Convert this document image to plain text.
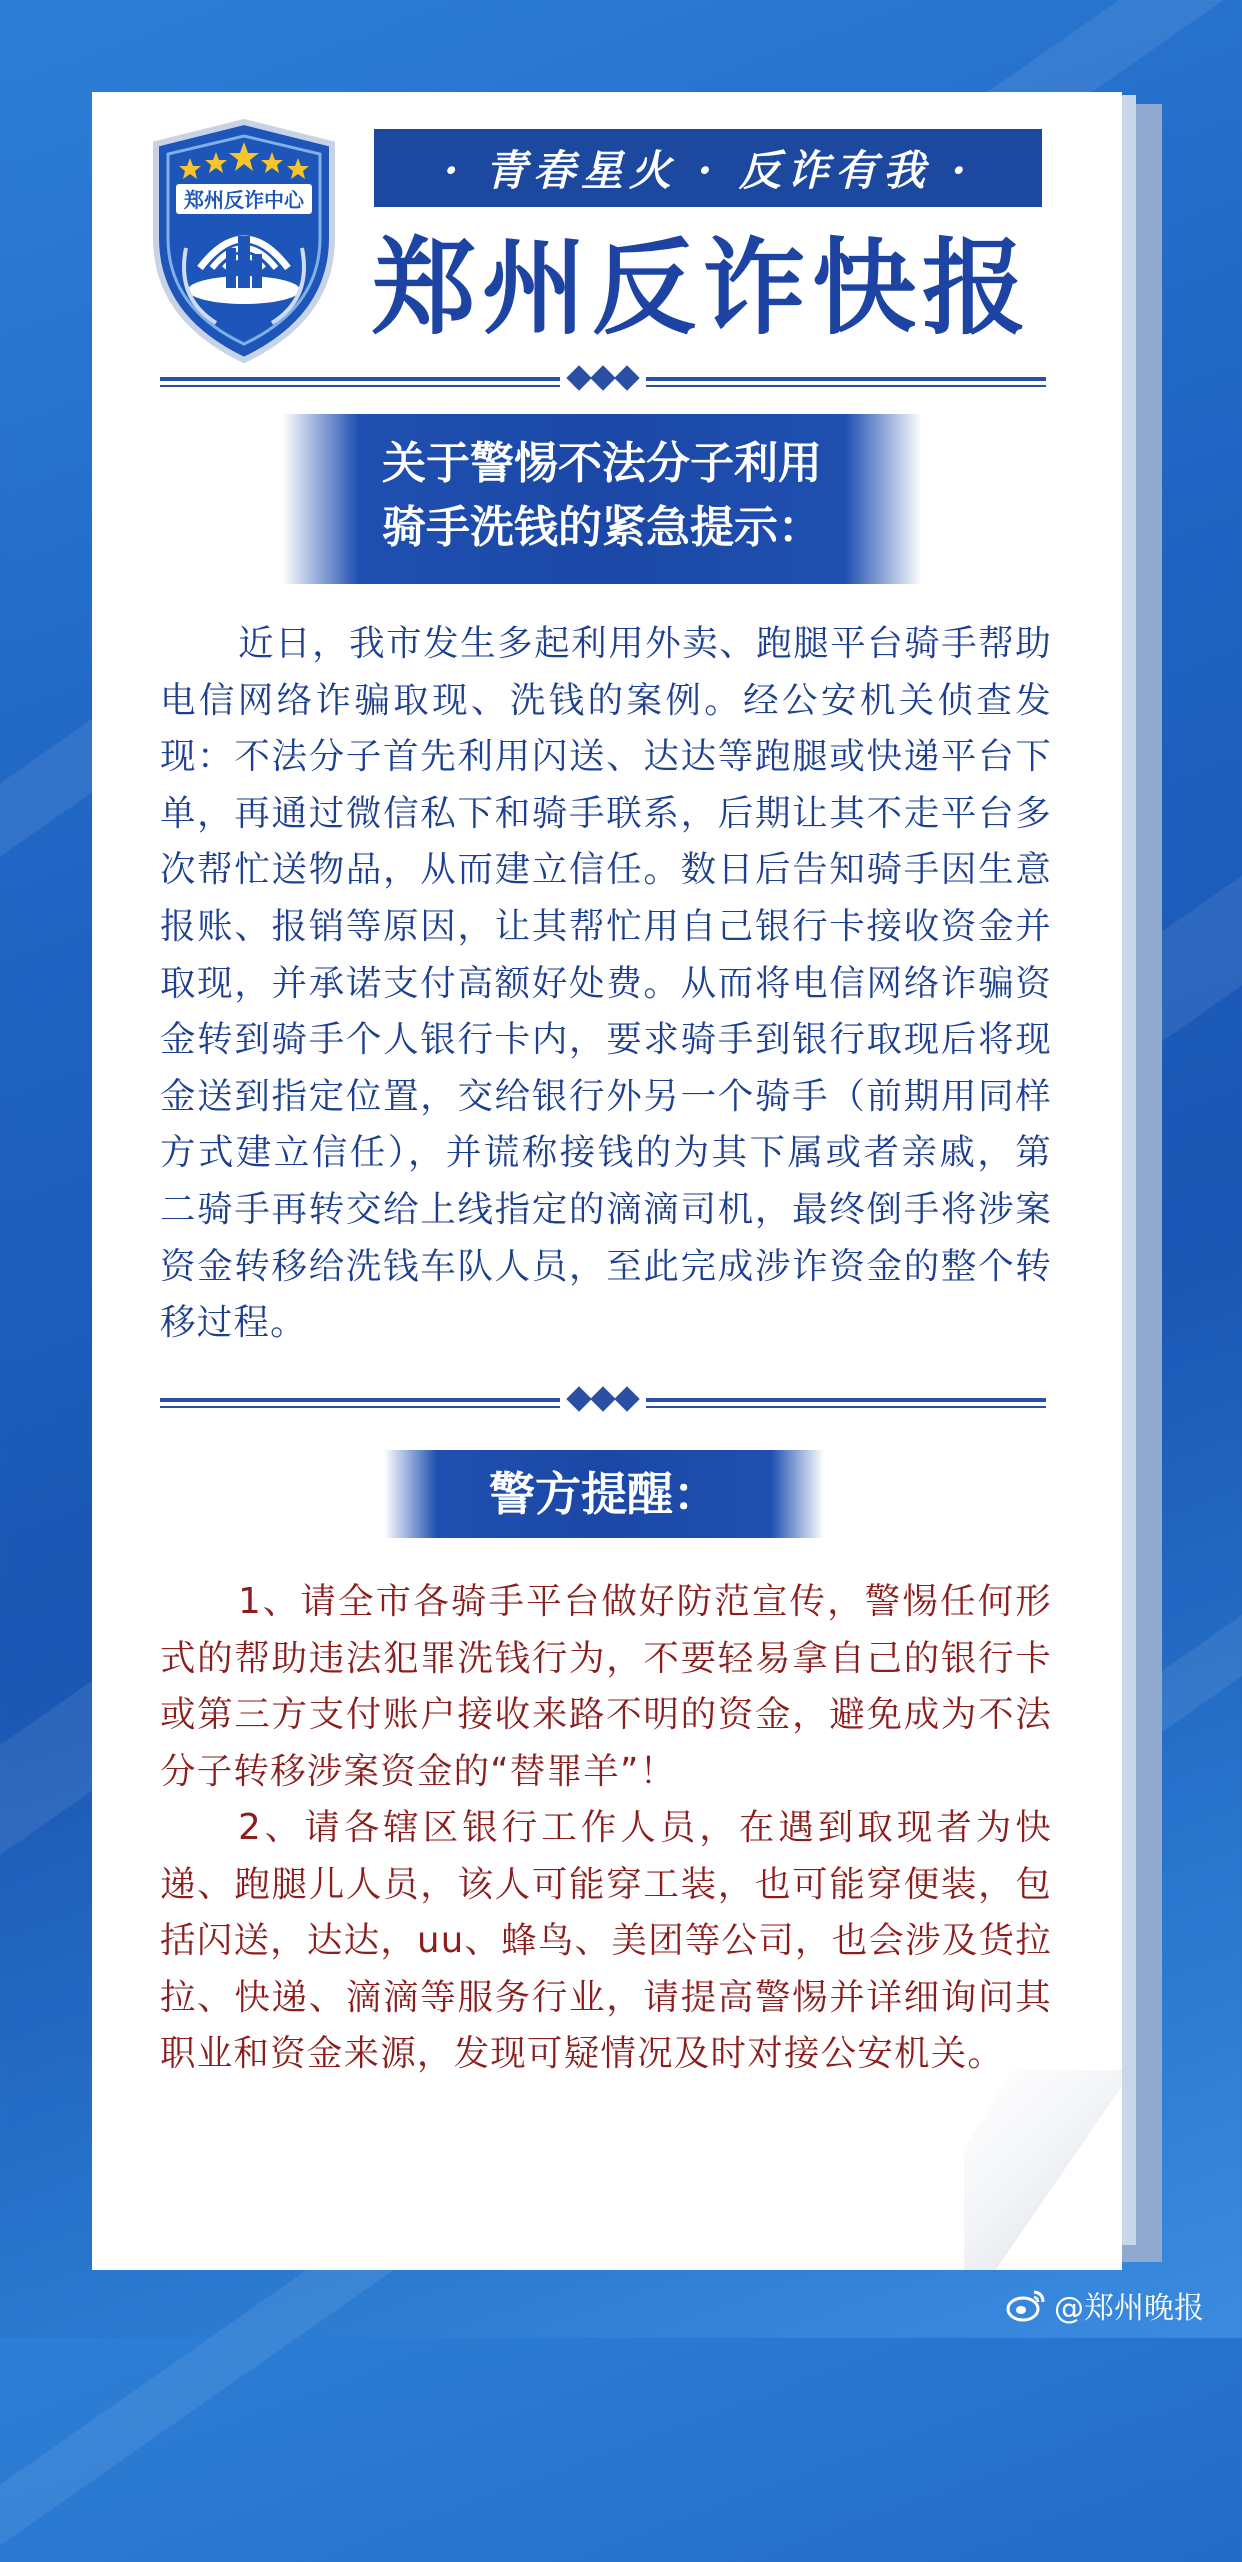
郑州反诈中心
· 青春星火 · 反诈有我 ·
郑州反诈快报
关于警惕不法分子利用
骑手洗钱的紧急提示：

近日，我市发生多起利用外卖、跑腿平台骑手帮助电信网络诈骗取现、洗钱的案例。经公安机关侦查发现：不法分子首先利用闪送、达达等跑腿或快递平台下单，再通过微信私下和骑手联系，后期让其不走平台多次帮忙送物品，从而建立信任。数日后告知骑手因生意报账、报销等原因，让其帮忙用自己银行卡接收资金并取现，并承诺支付高额好处费。从而将电信网络诈骗资金转到骑手个人银行卡内，要求骑手到银行取现后将现金送到指定位置，交给银行外另一个骑手（前期用同样方式建立信任），并谎称接钱的为其下属或者亲戚，第二骑手再转交给上线指定的滴滴司机，最终倒手将涉案资金转移给洗钱车队人员，至此完成涉诈资金的整个转移过程。

警方提醒：

1、请全市各骑手平台做好防范宣传，警惕任何形式的帮助违法犯罪洗钱行为，不要轻易拿自己的银行卡或第三方支付账户接收来路不明的资金，避免成为不法分子转移涉案资金的“替罪羊”！

2、请各辖区银行工作人员，在遇到取现者为快递、跑腿儿人员，该人可能穿工装，也可能穿便装，包括闪送，达达，uu、蜂鸟、美团等公司，也会涉及货拉拉、快递、滴滴等服务行业，请提高警惕并详细询问其职业和资金来源，发现可疑情况及时对接公安机关。

@郑州晚报
